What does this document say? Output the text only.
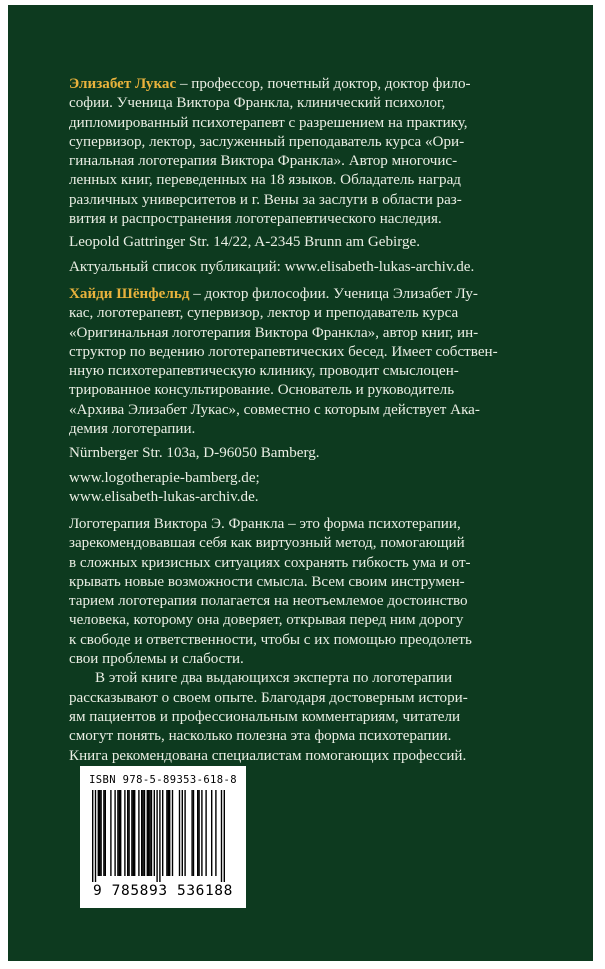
Элизабет Лукас – профессор, почетный доктор, доктор фило-
софии. Ученица Виктора Франкла, клинический психолог,
дипломированный психотерапевт с разрешением на практику,
супервизор, лектор, заслуженный преподаватель курса «Ори-
гинальная логотерапия Виктора Франкла». Автор многочис-
ленных книг, переведенных на 18 языков. Обладатель наград
различных университетов и г. Вены за заслуги в области раз-
вития и распространения логотерапевтического наследия.

Leopold Gattringer Str. 14/22, A-2345 Brunn am Gebirge.

Актуальный список публикаций: www.elisabeth-lukas-archiv.de.

Хайди Шёнфельд – доктор философии. Ученица Элизабет Лу-
кас, логотерапевт, супервизор, лектор и преподаватель курса
«Оригинальная логотерапия Виктора Франкла», автор книг, ин-
структор по ведению логотерапевтических бесед. Имеет собствен-
нную психотерапевтическую клинику, проводит смыслоцен-
трированное консультирование. Основатель и руководитель
«Архива Элизабет Лукас», совместно с которым действует Ака-
демия логотерапии.

Nürnberger Str. 103a, D-96050 Bamberg.

www.logotherapie-bamberg.de;

www.elisabeth-lukas-archiv.de.

Логотерапия Виктора Э. Франкла – это форма психотерапии,
зарекомендовавшая себя как виртуозный метод, помогающий
в сложных кризисных ситуациях сохранять гибкость ума и от-
крывать новые возможности смысла. Всем своим инструмен-
тарием логотерапия полагается на неотъемлемое достоинство
человека, которому она доверяет, открывая перед ним дорогу
к свободе и ответственности, чтобы с их помощью преодолеть
свои проблемы и слабости.

В этой книге два выдающихся эксперта по логотерапии
рассказывают о своем опыте. Благодаря достоверным истори-
ям пациентов и профессиональным комментариям, читатели
смогут понять, насколько полезна эта форма психотерапии.
Книга рекомендована специалистам помогающих профессий.

ISBN 978-5-89353-618-8
9 785893 536188
